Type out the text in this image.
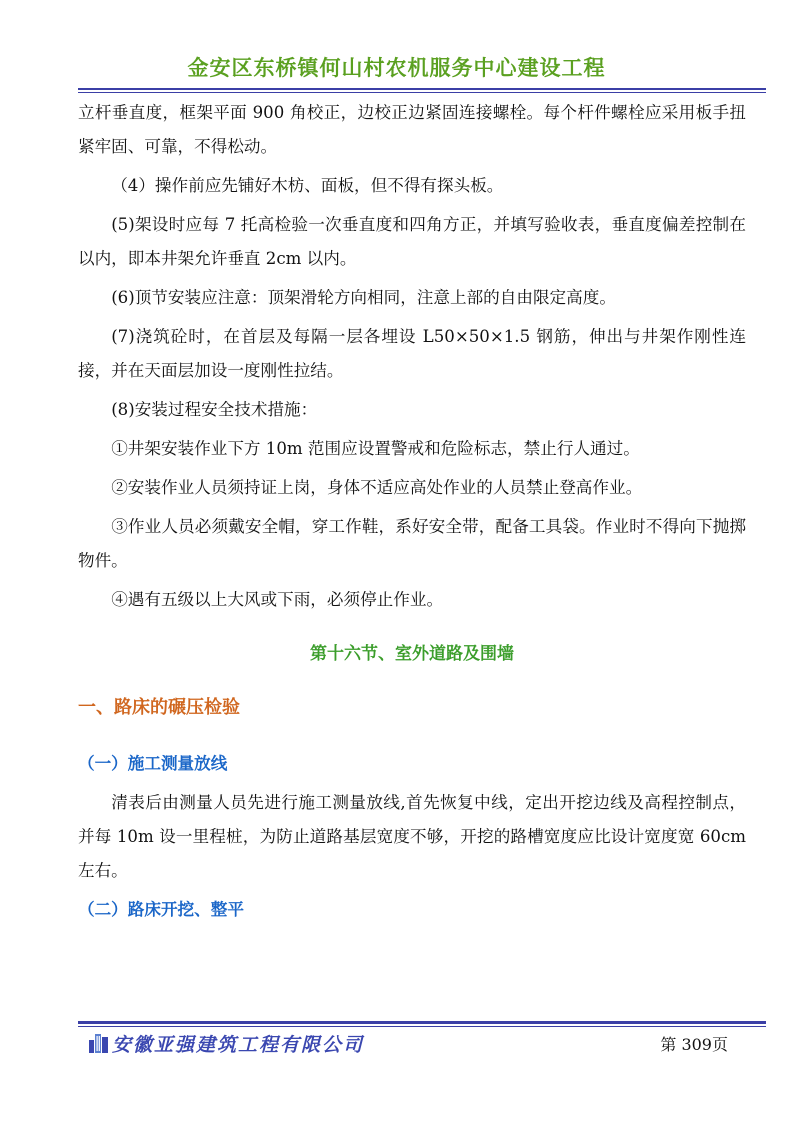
金安区东桥镇何山村农机服务中心建设工程

立杆垂直度，框架平面 900 角校正，边校正边紧固连接螺栓。每个杆件螺栓应采用板手扭紧牢固、可靠，不得松动。

（4）操作前应先铺好木枋、面板，但不得有探头板。

(5)架设时应每 7 托高检验一次垂直度和四角方正，并填写验收表，垂直度偏差控制在以内，即本井架允许垂直 2cm 以内。

(6)顶节安装应注意：顶架滑轮方向相同，注意上部的自由限定高度。

(7)浇筑砼时，在首层及每隔一层各埋设 L50×50×1.5 钢筋，伸出与井架作刚性连接，并在天面层加设一度刚性拉结。

(8)安装过程安全技术措施：

①井架安装作业下方 10m 范围应设置警戒和危险标志，禁止行人通过。

②安装作业人员须持证上岗，身体不适应高处作业的人员禁止登高作业。

③作业人员必须戴安全帽，穿工作鞋，系好安全带，配备工具袋。作业时不得向下抛掷物件。

④遇有五级以上大风或下雨，必须停止作业。

第十六节、室外道路及围墙

一、路床的碾压检验

（一）施工测量放线

清表后由测量人员先进行施工测量放线,首先恢复中线，定出开挖边线及高程控制点，并每 10m 设一里程桩，为防止道路基层宽度不够，开挖的路槽宽度应比设计宽度宽 60cm 左右。

（二）路床开挖、整平

安徽亚强建筑工程有限公司	第 309页
